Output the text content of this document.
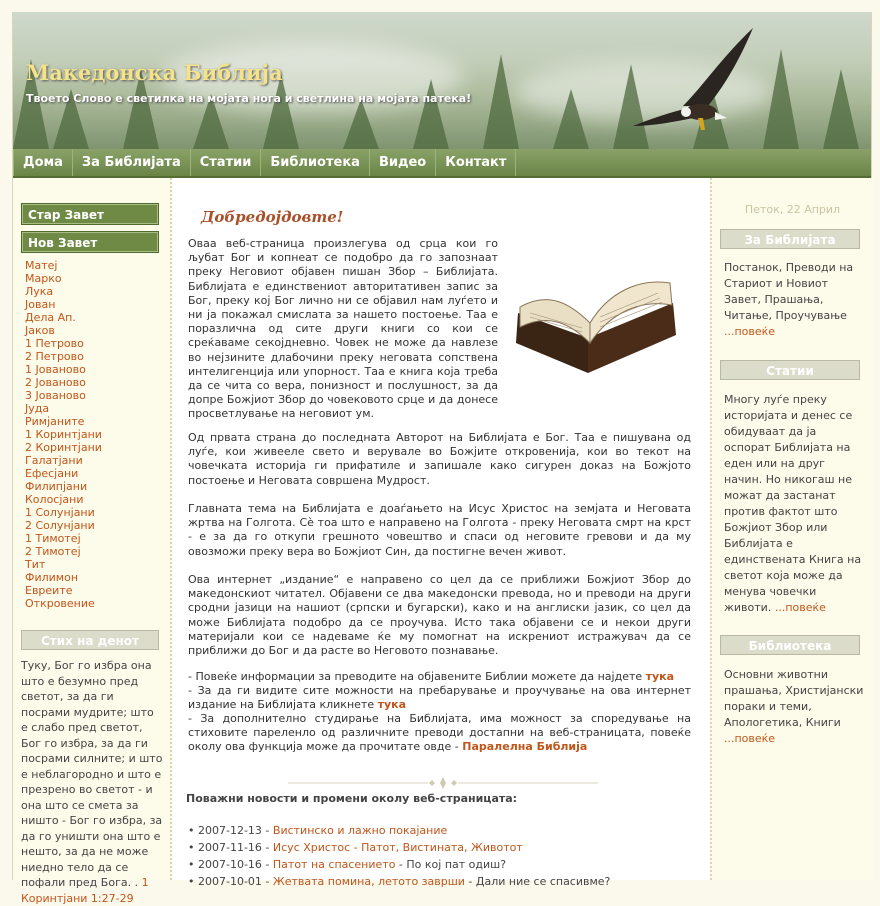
Македонска Библија
Твоето Слово е светилка на мојата нога и светлина на мојата патека!
Дома	За Библијата	Статии	Библиотека	Видео	Контакт
Стар Завет
Нов Завет
Матеј
Марко
Лука
Јован
Дела Ап.
Јаков
1 Петрово
2 Петрово
1 Јованово
2 Јованово
3 Јованово
Јуда
Римјаните
1 Коринтјани
2 Коринтјани
Галатјани
Ефесјани
Филипјани
Колосјани
1 Солунјани
2 Солунјани
1 Тимотеј
2 Тимотеј
Тит
Филимон
Евреите
Откровение
Стих на денот
Туку, Бог го избра она што е безумно пред светот, за да ги посрами мудрите; што е слабо пред светот, Бог го избра, за да ги посрами силните; и што е неблагородно и што е презрено во светот - и она што се смета за ништо - Бог го избра, за да го уништи она што е нешто, за да не може ниедно тело да се пофали пред Бога. . 1 Коринтјани 1:27-29
Добредојдовте!

Оваа веб-страница произлегува од срца кои го љубат Бог и копнеат се подобро да го запознаат преку Неговиот објавен пишан Збор – Библијата. Библијата е единствениот авторитативен запис за Бог, преку кој Бог лично ни се објавил нам луѓето и ни ја покажал смислата за нашето постоење. Таа е поразлична од сите други книги со кои се среќаваме секојдневно. Човек не може да навлезе во нејзините длабочини преку неговата сопствена интелигенција или упорност. Таа е книга која треба да се чита со вера, понизност и послушност, за да допре Божјиот Збор до човековото срце и да донесе просветлување на неговиот ум.

Од првата страна до последната Авторот на Библијата е Бог. Таа е пишувана од луѓе, кои живееле свето и верувале во Божјите откровенија, кои во текот на човечката историја ги прифатиле и запишале како сигурен доказ на Божјото постоење и Неговата совршена Мудрост.

Главната тема на Библијата е доаѓањето на Исус Христос на земјата и Неговата жртва на Голгота. Сè тоа што е направено на Голгота - преку Неговата смрт на крст - е за да го откупи грешното човештво и спаси од неговите гревови и да му овозможи преку вера во Божјиот Син, да постигне вечен живот.

Ова интернет „издание“ е направено со цел да се приближи Божјиот Збор до македонскиот читател. Објавени се два македонски превода, но и преводи на други сродни јазици на нашиот (српски и бугарски), како и на англиски јазик, со цел да може Библијата подобро да се проучува. Исто така објавени се и некои други материјали кои се надеваме ќе му помогнат на искрениот истражувач да се приближи до Бог и да расте во Неговото познавање.

- Повеќе информации за преводите на објавените Библии можете да најдете тука

- За да ги видите сите можности на пребарување и проучување на ова интернет издание на Библијата кликнете тука

- За дополнително студирање на Библијата, има можност за споредување на стиховите пареленло од различните преводи достапни на веб-страницата, повеќе околу ова функција може да прочитате овде - Паралелна Библија

Поважни новости и промени околу веб-страницата:
• 2007-12-13 - Вистинско и лажно покајание
• 2007-11-16 - Исус Христос - Патот, Вистината, Животот
• 2007-10-16 - Патот на спасението - По кој пат одиш?
• 2007-10-01 - Жетвата помина, летото заврши - Дали ние се спасивме?
Петок, 22 Април
За Библијата

Постанок, Преводи на Стариот и Новиот Завет, Прашања, Читање, Проучување ...повеќе

Статии

Многу луѓе преку историјата и денес се обидуваат да ја оспорат Библијата на еден или на друг начин. Но никогаш не можат да застанат против фактот што Божјиот Збор или Библијата е единствената Книга на светот која може да менува човечки животи. ...повеќе

Библиотека

Основни животни прашања, Христијански пораки и теми, Апологетика, Книги ...повеќе
